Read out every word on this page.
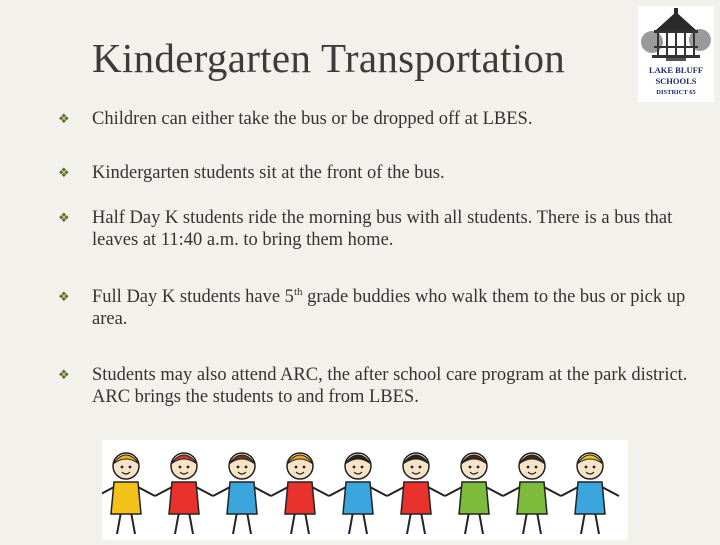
Kindergarten Transportation	LAKE BLUFF
SCHOOLS
DISTRICT 65
❖ Children can either take the bus or be dropped off at LBES.
❖ Kindergarten students sit at the front of the bus.
❖ Half Day K students ride the morning bus with all students. There is a bus that leaves at 11:40 a.m. to bring them home.
❖ Full Day K students have 5th grade buddies who walk them to the bus or pick up area.
❖ Students may also attend ARC, the after school care program at the park district. ARC brings the students to and from LBES.
